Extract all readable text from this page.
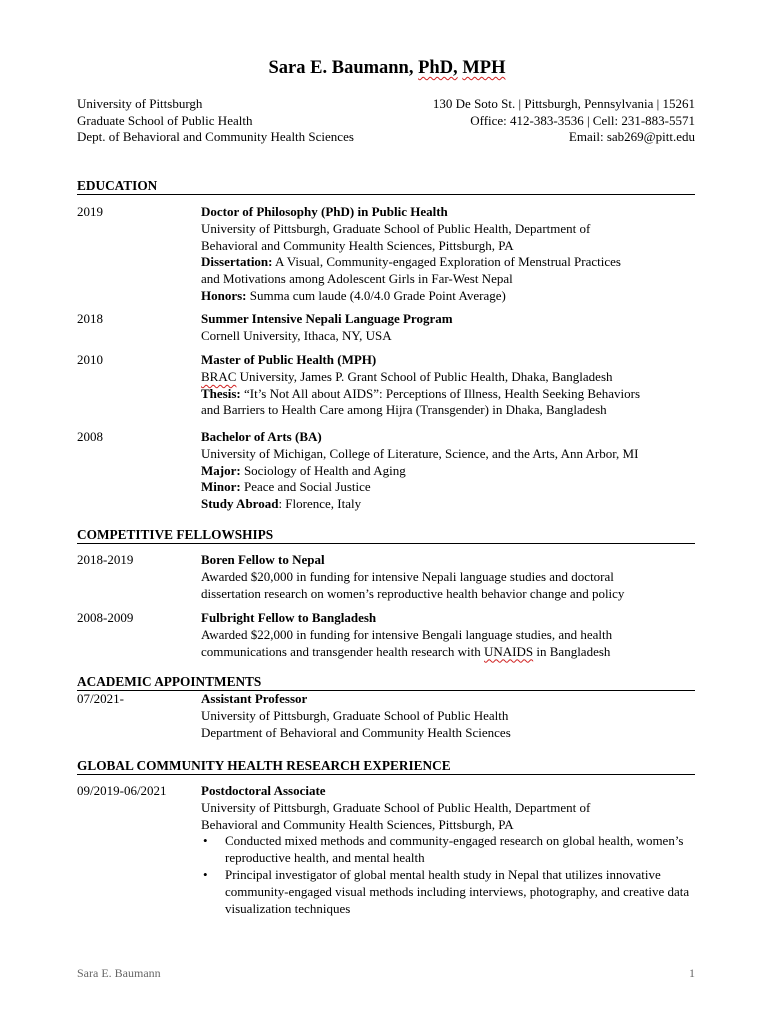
Sara E. Baumann, PhD, MPH
University of Pittsburgh
Graduate School of Public Health
Dept. of Behavioral and Community Health Sciences
130 De Soto St. | Pittsburgh, Pennsylvania | 15261
Office: 412-383-3536 | Cell: 231-883-5571
Email: sab269@pitt.edu
EDUCATION
2019	Doctor of Philosophy (PhD) in Public Health
University of Pittsburgh, Graduate School of Public Health, Department of
Behavioral and Community Health Sciences, Pittsburgh, PA
Dissertation: A Visual, Community-engaged Exploration of Menstrual Practices
and Motivations among Adolescent Girls in Far-West Nepal
Honors: Summa cum laude (4.0/4.0 Grade Point Average)
2018	Summer Intensive Nepali Language Program
Cornell University, Ithaca, NY, USA
2010	Master of Public Health (MPH)
BRAC University, James P. Grant School of Public Health, Dhaka, Bangladesh
Thesis: “It’s Not All about AIDS”: Perceptions of Illness, Health Seeking Behaviors
and Barriers to Health Care among Hijra (Transgender) in Dhaka, Bangladesh
2008	Bachelor of Arts (BA)
University of Michigan, College of Literature, Science, and the Arts, Ann Arbor, MI
Major: Sociology of Health and Aging
Minor: Peace and Social Justice
Study Abroad: Florence, Italy
COMPETITIVE FELLOWSHIPS
2018-2019	Boren Fellow to Nepal
Awarded $20,000 in funding for intensive Nepali language studies and doctoral
dissertation research on women’s reproductive health behavior change and policy
2008-2009	Fulbright Fellow to Bangladesh
Awarded $22,000 in funding for intensive Bengali language studies, and health
communications and transgender health research with UNAIDS in Bangladesh
ACADEMIC APPOINTMENTS
07/2021-	Assistant Professor
University of Pittsburgh, Graduate School of Public Health
Department of Behavioral and Community Health Sciences
GLOBAL COMMUNITY HEALTH RESEARCH EXPERIENCE
09/2019-06/2021	Postdoctoral Associate
University of Pittsburgh, Graduate School of Public Health, Department of
Behavioral and Community Health Sciences, Pittsburgh, PA
• Conducted mixed methods and community-engaged research on global health, women’s reproductive health, and mental health
• Principal investigator of global mental health study in Nepal that utilizes innovative community-engaged visual methods including interviews, photography, and creative data visualization techniques
Sara E. Baumann	1
